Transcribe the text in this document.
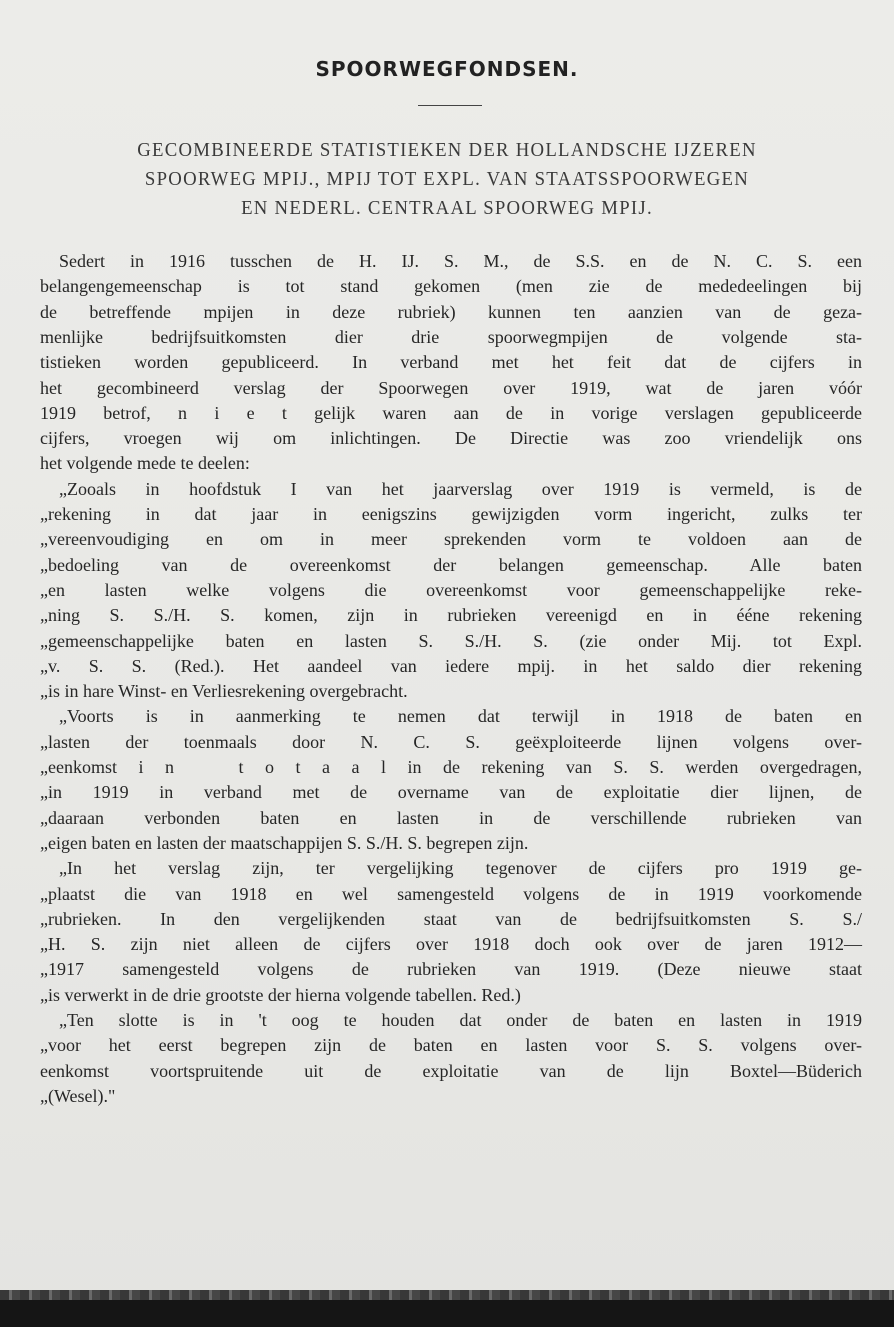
SPOORWEGFONDSEN.
GECOMBINEERDE STATISTIEKEN DER HOLLANDSCHE IJZEREN
SPOORWEG MPIJ., MPIJ TOT EXPL. VAN STAATSSPOORWEGEN
EN NEDERL. CENTRAAL SPOORWEG MPIJ.
Sedert in 1916 tusschen de H. IJ. S. M., de S.S. en de N. C. S. een
belangengemeenschap is tot stand gekomen (men zie de mededeelingen bij
de betreffende mpijen in deze rubriek) kunnen ten aanzien van de geza-
menlijke bedrijfsuitkomsten dier drie spoorwegmpijen de volgende sta-
tistieken worden gepubliceerd. In verband met het feit dat de cijfers in
het gecombineerd verslag der Spoorwegen over 1919, wat de jaren vóór
1919 betrof, n i e t gelijk waren aan de in vorige verslagen gepubliceerde
cijfers, vroegen wij om inlichtingen. De Directie was zoo vriendelijk ons
het volgende mede te deelen:
„Zooals in hoofdstuk I van het jaarverslag over 1919 is vermeld, is de
„rekening in dat jaar in eenigszins gewijzigden vorm ingericht, zulks ter
„vereenvoudiging en om in meer sprekenden vorm te voldoen aan de
„bedoeling van de overeenkomst der belangen gemeenschap. Alle baten
„en lasten welke volgens die overeenkomst voor gemeenschappelijke reke-
„ning S. S./H. S. komen, zijn in rubrieken vereenigd en in ééne rekening
„gemeenschappelijke baten en lasten S. S./H. S. (zie onder Mij. tot Expl.
„v. S. S. (Red.). Het aandeel van iedere mpij. in het saldo dier rekening
„is in hare Winst- en Verliesrekening overgebracht.
„Voorts is in aanmerking te nemen dat terwijl in 1918 de baten en
„lasten der toenmaals door N. C. S. geëxploiteerde lijnen volgens over-
„eenkomst i n   t o t a a l in de rekening van S. S. werden overgedragen,
„in 1919 in verband met de overname van de exploitatie dier lijnen, de
„daaraan verbonden baten en lasten in de verschillende rubrieken van
„eigen baten en lasten der maatschappijen S. S./H. S. begrepen zijn.
„In het verslag zijn, ter vergelijking tegenover de cijfers pro 1919 ge-
„plaatst die van 1918 en wel samengesteld volgens de in 1919 voorkomende
„rubrieken. In den vergelijkenden staat van de bedrijfsuitkomsten S. S./
„H. S. zijn niet alleen de cijfers over 1918 doch ook over de jaren 1912—
„1917 samengesteld volgens de rubrieken van 1919. (Deze nieuwe staat
„is verwerkt in de drie grootste der hierna volgende tabellen. Red.)
„Ten slotte is in 't oog te houden dat onder de baten en lasten in 1919
„voor het eerst begrepen zijn de baten en lasten voor S. S. volgens over-
eenkomst voortspruitende uit de exploitatie van de lijn Boxtel—Büderich
„(Wesel)."
